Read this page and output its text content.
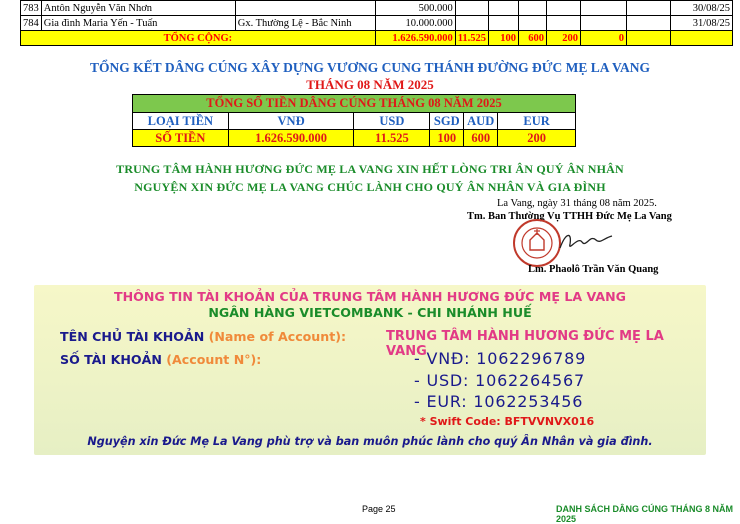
783	Antôn Nguyễn Văn Nhơn		500.000							30/08/25
784	Gia đình Maria Yến - Tuấn	Gx. Thường Lệ - Bắc Ninh	10.000.000							31/08/25
TỔNG CỘNG:			1.626.590.000	11.525	100	600	200	0		
TỔNG KẾT DÂNG CÚNG XÂY DỰNG VƯƠNG CUNG THÁNH ĐƯỜNG ĐỨC MẸ LA VANG
THÁNG 08 NĂM 2025
TỔNG SỐ TIỀN DÂNG CÚNG THÁNG 08 NĂM 2025					
LOẠI TIỀN	VNĐ	USD	SGD	AUD	EUR
SỐ TIỀN	1.626.590.000	11.525	100	600	200
TRUNG TÂM HÀNH HƯƠNG ĐỨC MẸ LA VANG XIN HẾT LÒNG TRI ÂN QUÝ ÂN NHÂN
NGUYỆN XIN ĐỨC MẸ LA VANG CHÚC LÀNH CHO QUÝ ÂN NHÂN VÀ GIA ĐÌNH
La Vang, ngày 31 tháng 08 năm 2025.
Tm. Ban Thường Vụ TTHH Đức Mẹ La Vang
Lm. Phaolô Trần Văn Quang
THÔNG TIN TÀI KHOẢN CỦA TRUNG TÂM HÀNH HƯƠNG ĐỨC MẸ LA VANG
NGÂN HÀNG VIETCOMBANK - CHI NHÁNH HUẾ
TÊN CHỦ TÀI KHOẢN (Name of Account):	TRUNG TÂM HÀNH HƯƠNG ĐỨC MẸ LA VANG
SỐ TÀI KHOẢN (Account N°):	- VNĐ: 1062296789
- USD: 1062264567
- EUR: 1062253456
* Swift Code: BFTVVNVX016
Nguyện xin Đức Mẹ La Vang phù trợ và ban muôn phúc lành cho quý Ân Nhân và gia đình.
Page 25	DANH SÁCH DÂNG CÚNG THÁNG 8 NĂM 2025
